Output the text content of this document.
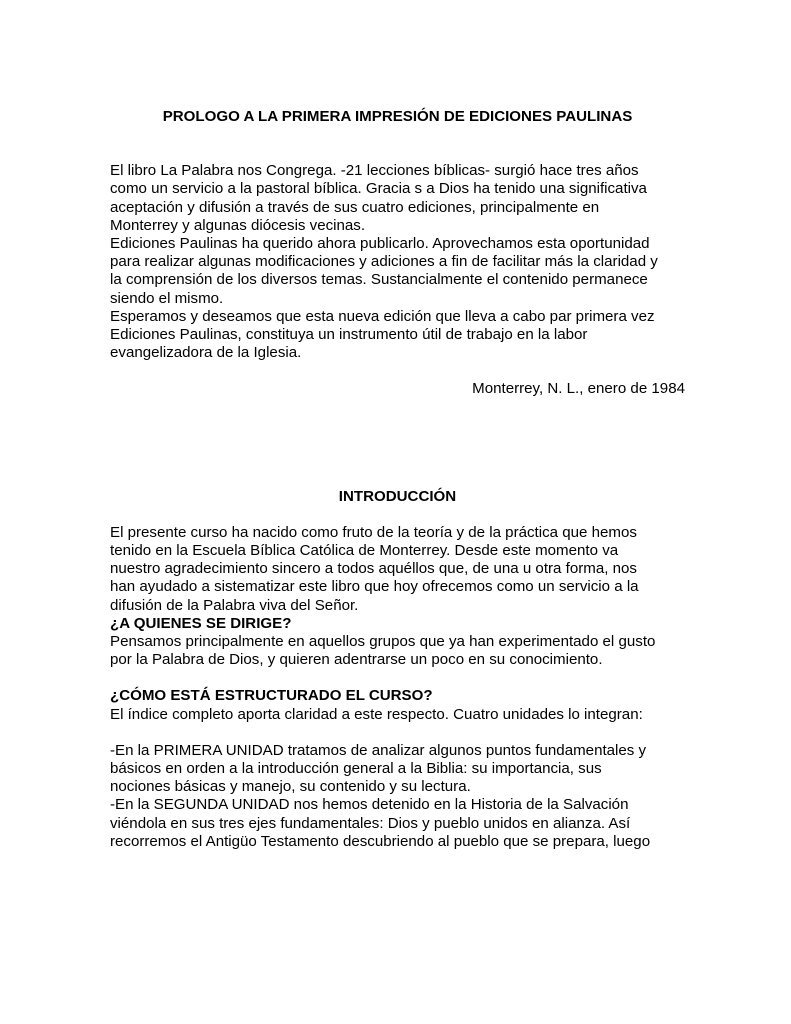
PROLOGO A LA PRIMERA IMPRESIÓN DE EDICIONES PAULINAS

El libro La Palabra nos Congrega. -21 lecciones bíblicas- surgió hace tres años
como un servicio a la pastoral bíblica. Gracia s a Dios ha tenido una significativa
aceptación y difusión a través de sus cuatro ediciones, principalmente en
Monterrey y algunas diócesis vecinas.

Ediciones Paulinas ha querido ahora publicarlo. Aprovechamos esta oportunidad
para realizar algunas modificaciones y adiciones a fin de facilitar más la claridad y
la comprensión de los diversos temas. Sustancialmente el contenido permanece
siendo el mismo.

Esperamos y deseamos que esta nueva edición que lleva a cabo par primera vez
Ediciones Paulinas, constituya un instrumento útil de trabajo en la labor
evangelizadora de la Iglesia.

Monterrey, N. L., enero de 1984
INTRODUCCIÓN

El presente curso ha nacido como fruto de la teoría y de la práctica que hemos
tenido en la Escuela Bíblica Católica de Monterrey. Desde este momento va
nuestro agradecimiento sincero a todos aquéllos que, de una u otra forma, nos
han ayudado a sistematizar este libro que hoy ofrecemos como un servicio a la
difusión de la Palabra viva del Señor.

¿A QUIENES SE DIRIGE?
Pensamos principalmente en aquellos grupos que ya han experimentado el gusto
por la Palabra de Dios, y quieren adentrarse un poco en su conocimiento.
¿CÓMO ESTÁ ESTRUCTURADO EL CURSO?
El índice completo aporta claridad a este respecto. Cuatro unidades lo integran:

-En la PRIMERA UNIDAD tratamos de analizar algunos puntos fundamentales y
básicos en orden a la introducción general a la Biblia: su importancia, sus
nociones básicas y manejo, su contenido y su lectura.

-En la SEGUNDA UNIDAD nos hemos detenido en la Historia de la Salvación
viéndola en sus tres ejes fundamentales: Dios y pueblo unidos en alianza. Así
recorremos el Antigüo Testamento descubriendo al pueblo que se prepara, luego
